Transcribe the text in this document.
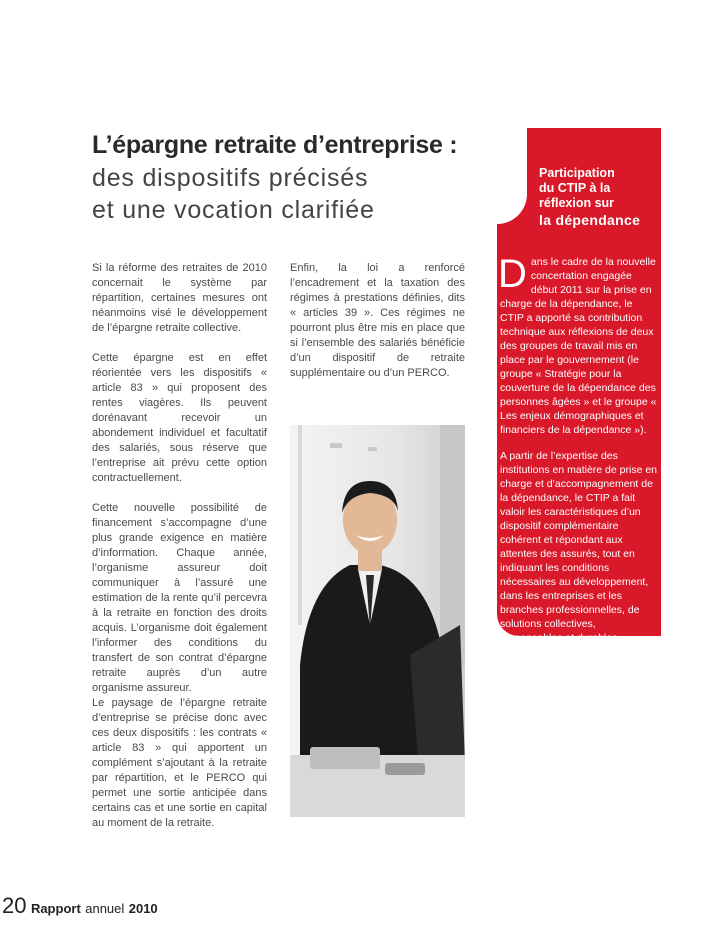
L’épargne retraite d’entreprise :
des dispositifs précisés
et une vocation clarifiée

Si la réforme des retraites de 2010 concernait le système par répartition, certaines mesures ont néanmoins visé le développement de l’épargne retraite collective.

Cette épargne est en effet réorientée vers les dispositifs « article 83 » qui proposent des rentes viagères. Ils peuvent dorénavant recevoir un abondement individuel et facultatif des salariés, sous réserve que l’entreprise ait prévu cette option contractuellement.

Cette nouvelle possibilité de financement s’accompagne d’une plus grande exigence en matière d’information. Chaque année, l’organisme assureur doit communiquer à l’assuré une estimation de la rente qu’il percevra à la retraite en fonction des droits acquis. L’organisme doit également l’informer des conditions du transfert de son contrat d’épargne retraite auprès d’un autre organisme assureur.

Le paysage de l’épargne retraite d’entreprise se précise donc avec ces deux dispositifs : les contrats « article 83 » qui apportent un complément s’ajoutant à la retraite par répartition, et le PERCO qui permet une sortie anticipée dans certains cas et une sortie en capital au moment de la retraite.

Enfin, la loi a renforcé l’encadrement et la taxation des régimes à prestations définies, dits « articles 39 ». Ces régimes ne pourront plus être mis en place que si l’ensemble des salariés bénéficie d’un dispositif de retraite supplémentaire ou d’un PERCO.

Participation
du CTIP à la
réflexion sur
la dépendance

Dans le cadre de la nouvelle concertation engagée début 2011 sur la prise en charge de la dépendance, le CTIP a apporté sa contribution technique aux réflexions de deux des groupes de travail mis en place par le gouvernement (le groupe « Stratégie pour la couverture de la dépendance des personnes âgées » et le groupe « Les enjeux démographiques et financiers de la dépendance »).

A partir de l’expertise des institutions en matière de prise en charge et d’accompagnement de la dépendance, le CTIP a fait valoir les caractéristiques d’un dispositif complémentaire cohérent et répondant aux attentes des assurés, tout en indiquant les conditions nécessaires au développement, dans les entreprises et les branches professionnelles, de solutions collectives, responsables et durables.

20 Rapport annuel 2010
